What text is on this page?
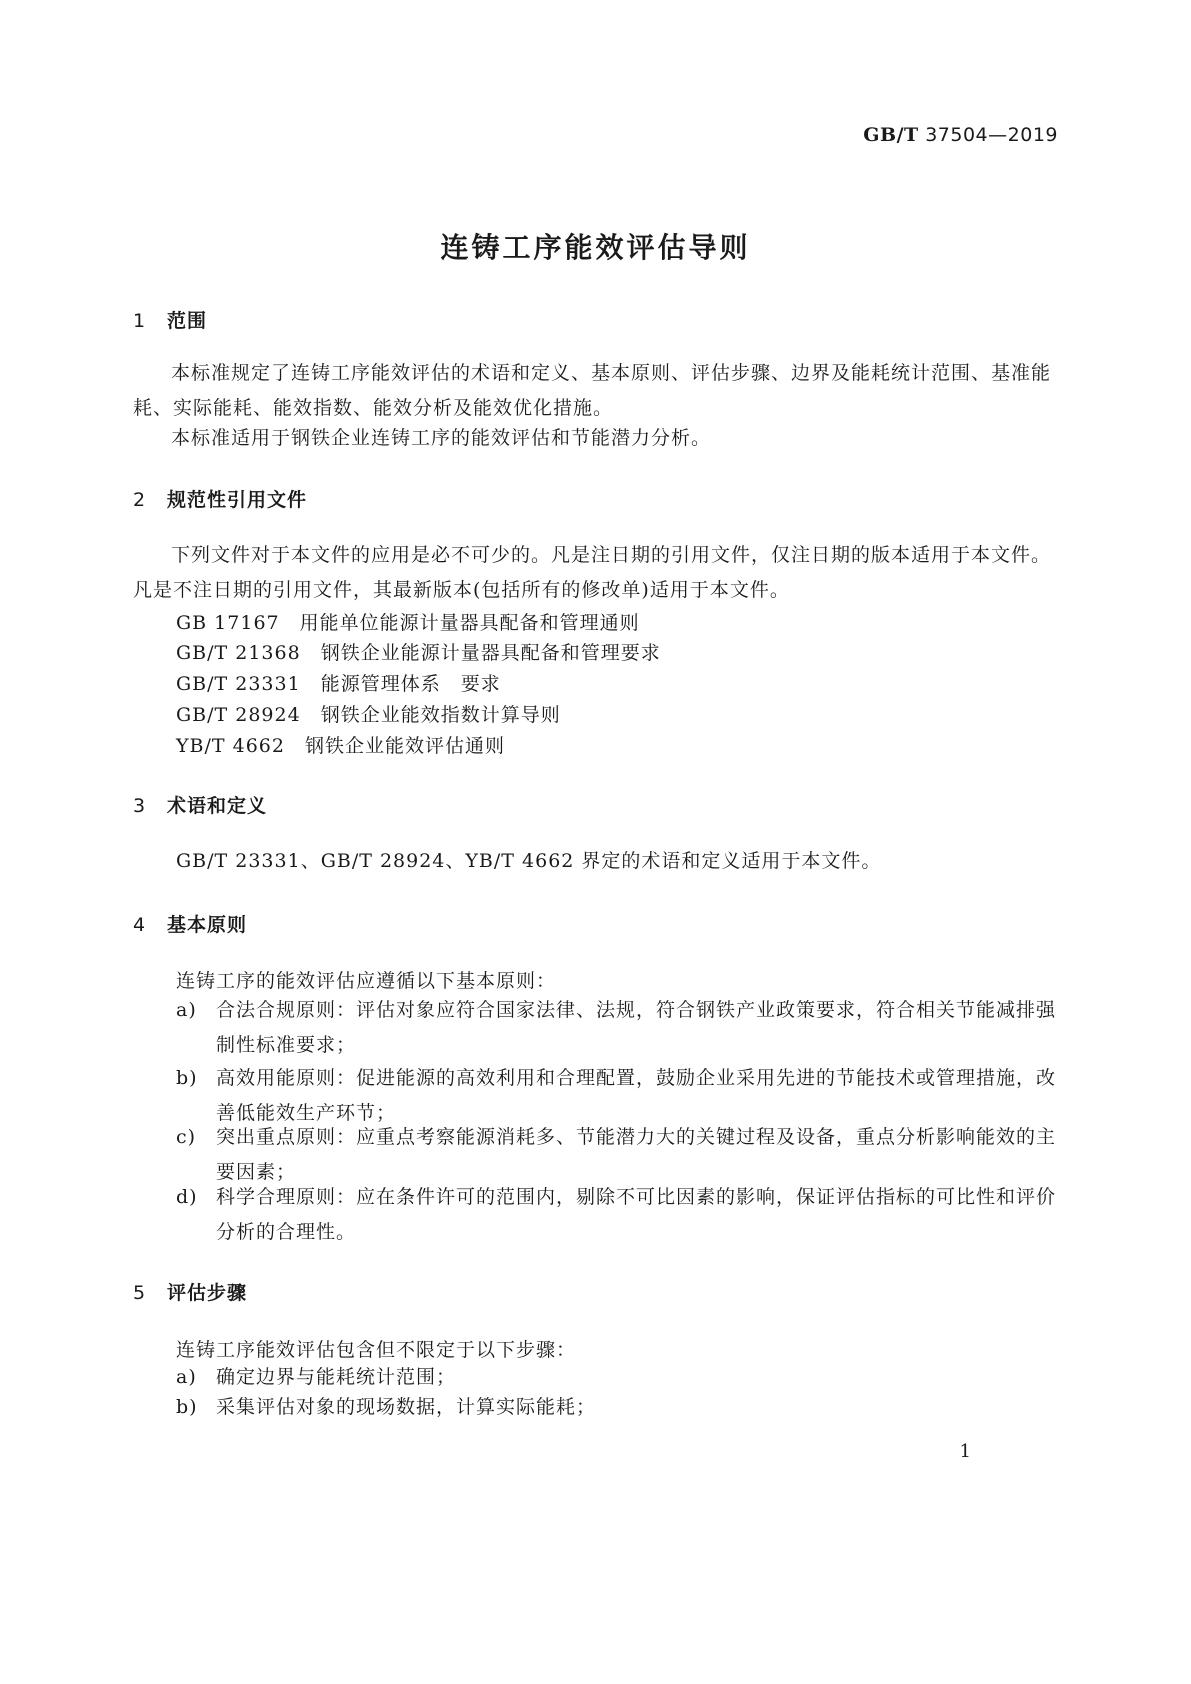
GB/T 37504—2019
连铸工序能效评估导则
1 范围
本标准规定了连铸工序能效评估的术语和定义、基本原则、评估步骤、边界及能耗统计范围、基准能耗、实际能耗、能效指数、能效分析及能效优化措施。
本标准适用于钢铁企业连铸工序的能效评估和节能潜力分析。
2 规范性引用文件
下列文件对于本文件的应用是必不可少的。凡是注日期的引用文件，仅注日期的版本适用于本文件。凡是不注日期的引用文件，其最新版本(包括所有的修改单)适用于本文件。
GB 17167 用能单位能源计量器具配备和管理通则
GB/T 21368 钢铁企业能源计量器具配备和管理要求
GB/T 23331 能源管理体系　要求
GB/T 28924 钢铁企业能效指数计算导则
YB/T 4662 钢铁企业能效评估通则
3 术语和定义
GB/T 23331、GB/T 28924、YB/T 4662 界定的术语和定义适用于本文件。
4 基本原则
连铸工序的能效评估应遵循以下基本原则：
a) 合法合规原则：评估对象应符合国家法律、法规，符合钢铁产业政策要求，符合相关节能减排强制性标准要求；
b) 高效用能原则：促进能源的高效利用和合理配置，鼓励企业采用先进的节能技术或管理措施，改善低能效生产环节；
c) 突出重点原则：应重点考察能源消耗多、节能潜力大的关键过程及设备，重点分析影响能效的主要因素；
d) 科学合理原则：应在条件许可的范围内，剔除不可比因素的影响，保证评估指标的可比性和评价分析的合理性。
5 评估步骤
连铸工序能效评估包含但不限定于以下步骤：
a) 确定边界与能耗统计范围；
b) 采集评估对象的现场数据，计算实际能耗；
1
